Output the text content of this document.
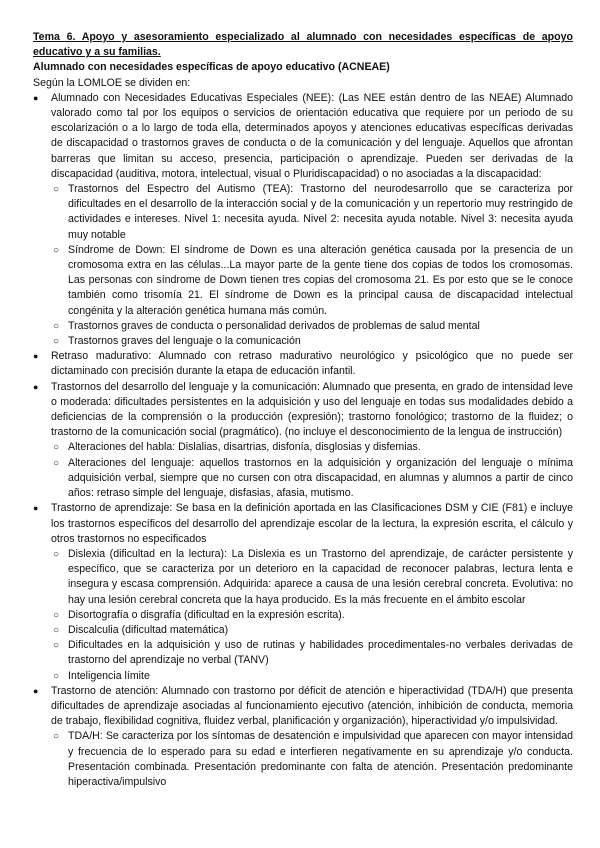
Tema 6. Apoyo y asesoramiento especializado al alumnado con necesidades específicas de apoyo educativo y a su familias.

Alumnado con necesidades específicas de apoyo educativo (ACNEAE)

Según la LOMLOE se dividen en:

● Alumnado con Necesidades Educativas Especiales (NEE): (Las NEE están dentro de las NEAE) Alumnado valorado como tal por los equipos o servicios de orientación educativa que requiere por un periodo de su escolarización o a lo largo de toda ella, determinados apoyos y atenciones educativas específicas derivadas de discapacidad o trastornos graves de conducta o de la comunicación y del lenguaje. Aquellos que afrontan barreras que limitan su acceso, presencia, participación o aprendizaje. Pueden ser derivadas de la discapacidad (auditiva, motora, intelectual, visual o Pluridiscapacidad) o no asociadas a la discapacidad:
○ Trastornos del Espectro del Autismo (TEA): Trastorno del neurodesarrollo que se caracteriza por dificultades en el desarrollo de la interacción social y de la comunicación y un repertorio muy restringido de actividades e intereses. Nivel 1: necesita ayuda. Nivel 2: necesita ayuda notable. Nivel 3: necesita ayuda muy notable
○ Síndrome de Down: El síndrome de Down es una alteración genética causada por la presencia de un cromosoma extra en las células...La mayor parte de la gente tiene dos copias de todos los cromosomas. Las personas con síndrome de Down tienen tres copias del cromosoma 21. Es por esto que se le conoce también como trisomía 21. El síndrome de Down es la principal causa de discapacidad intelectual congénita y la alteración genética humana más común.
○ Trastornos graves de conducta o personalidad derivados de problemas de salud mental
○ Trastornos graves del lenguaje o la comunicación
● Retraso madurativo: Alumnado con retraso madurativo neurológico y psicológico que no puede ser dictaminado con precisión durante la etapa de educación infantil.
● Trastornos del desarrollo del lenguaje y la comunicación: Alumnado que presenta, en grado de intensidad leve o moderada: dificultades persistentes en la adquisición y uso del lenguaje en todas sus modalidades debido a deficiencias de la comprensión o la producción (expresión); trastorno fonológico; trastorno de la fluidez; o trastorno de la comunicación social (pragmático). (no incluye el desconocimiento de la lengua de instrucción)
○ Alteraciones del habla: Dislalias, disartrias, disfonía, disglosias y disfemias.
○ Alteraciones del lenguaje: aquellos trastornos en la adquisición y organización del lenguaje o mínima adquisición verbal, siempre que no cursen con otra discapacidad, en alumnas y alumnos a partir de cinco años: retraso simple del lenguaje, disfasias, afasia, mutismo.
● Trastorno de aprendizaje: Se basa en la definición aportada en las Clasificaciones DSM y CIE (F81) e incluye los trastornos específicos del desarrollo del aprendizaje escolar de la lectura, la expresión escrita, el cálculo y otros trastornos no especificados
○ Dislexia (dificultad en la lectura): La Dislexia es un Trastorno del aprendizaje, de carácter persistente y específico, que se caracteriza por un deterioro en la capacidad de reconocer palabras, lectura lenta e insegura y escasa comprensión. Adquirida: aparece a causa de una lesión cerebral concreta. Evolutiva: no hay una lesión cerebral concreta que la haya producido. Es la más frecuente en el ámbito escolar
○ Disortografía o disgrafía (dificultad en la expresión escrita).
○ Discalculia (dificultad matemática)
○ Dificultades en la adquisición y uso de rutinas y habilidades procedimentales-no verbales derivadas de trastorno del aprendizaje no verbal (TANV)
○ Inteligencia límite
● Trastorno de atención: Alumnado con trastorno por déficit de atención e hiperactividad (TDA/H) que presenta dificultades de aprendizaje asociadas al funcionamiento ejecutivo (atención, inhibición de conducta, memoria de trabajo, flexibilidad cognitiva, fluidez verbal, planificación y organización), hiperactividad y/o impulsividad.
○ TDA/H: Se caracteriza por los síntomas de desatención e impulsividad que aparecen con mayor intensidad y frecuencia de lo esperado para su edad e interfieren negativamente en su aprendizaje y/o conducta. Presentación combinada. Presentación predominante con falta de atención. Presentación predominante hiperactiva/impulsivo
